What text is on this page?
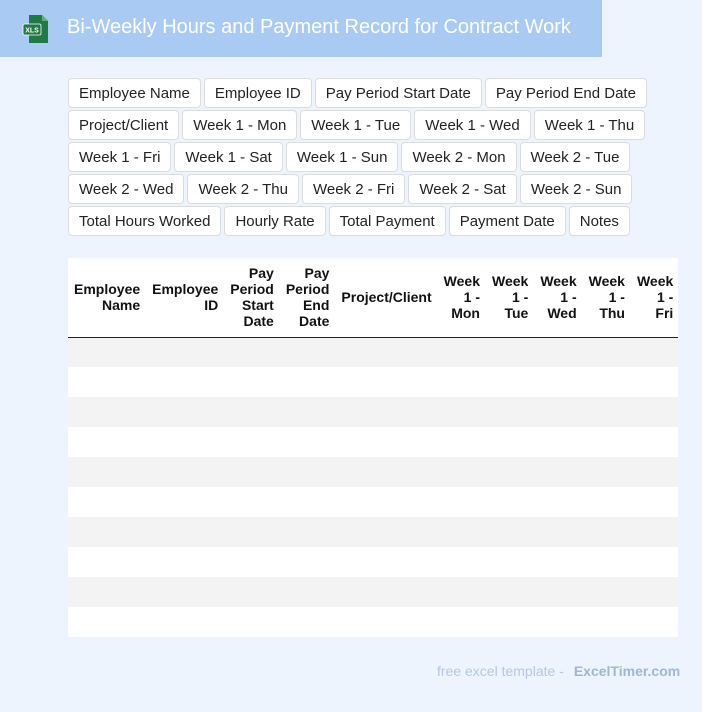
XLS Bi-Weekly Hours and Payment Record for Contract Work
Employee Name	Employee ID	Pay Period Start Date	Pay Period End Date
Project/Client	Week 1 - Mon	Week 1 - Tue	Week 1 - Wed	Week 1 - Thu
Week 1 - Fri	Week 1 - Sat	Week 1 - Sun	Week 2 - Mon	Week 2 - Tue
Week 2 - Wed	Week 2 - Thu	Week 2 - Fri	Week 2 - Sat	Week 2 - Sun
Total Hours Worked	Hourly Rate	Total Payment	Payment Date	Notes
Employee Name	Employee ID	Pay Period Start Date	Pay Period End Date	Project/Client	Week 1 - Mon	Week 1 - Tue	Week 1 - Wed	Week 1 - Thu	Week 1 - Fri

free excel template - ExcelTimer.com
